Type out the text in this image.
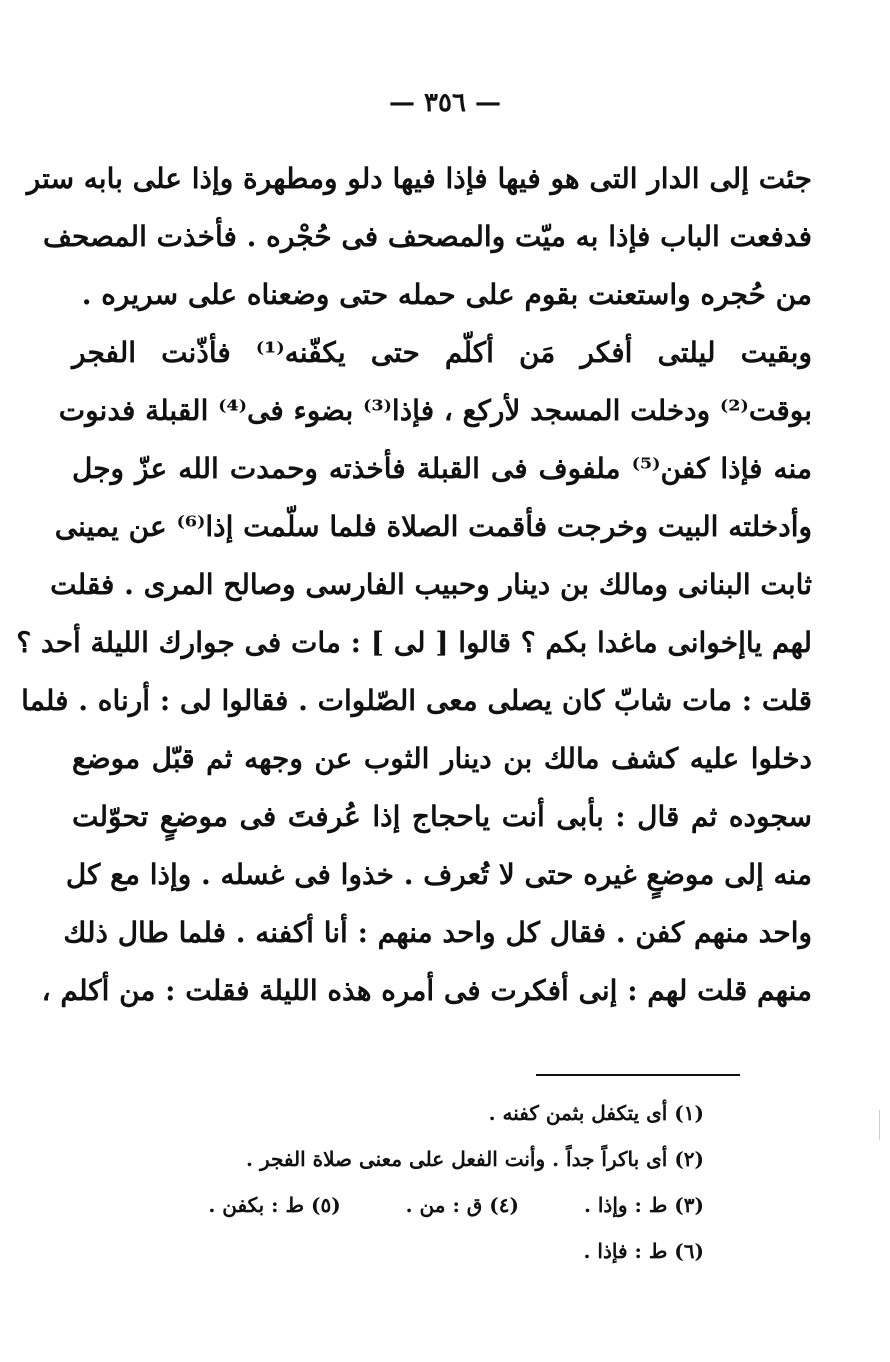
— ٣٥٦ —
جئت إلى الدار التى هو فيها فإذا فيها دلو ومطهرة وإذا على بابه ستر
فدفعت الباب فإذا به ميّت والمصحف فى حُجْره . فأخذت المصحف
من حُجره واستعنت بقوم على حمله حتى وضعناه على سريره .
وبقيت ليلتى أفكر مَن أكلّم حتى يكفّنه⁽¹⁾ فأذّنت الفجر
بوقت⁽²⁾ ودخلت المسجد لأركع ، فإذا⁽³⁾ بضوء فى⁽⁴⁾ القبلة فدنوت
منه فإذا كفن⁽⁵⁾ ملفوف فى القبلة فأخذته وحمدت الله عزّ وجل
وأدخلته البيت وخرجت فأقمت الصلاة فلما سلّمت إذا⁽⁶⁾ عن يمينى
ثابت البنانى ومالك بن دينار وحبيب الفارسى وصالح المرى . فقلت
لهم ياإخوانى ماغدا بكم ؟ قالوا [ لى ] : مات فى جوارك الليلة أحد ؟
قلت : مات شابّ كان يصلى معى الصّلوات . فقالوا لى : أرناه . فلما
دخلوا عليه كشف مالك بن دينار الثوب عن وجهه ثم قبّل موضع
سجوده ثم قال : بأبى أنت ياحجاج إذا عُرفتَ فى موضعٍ تحوّلت
منه إلى موضعٍ غيره حتى لا تُعرف . خذوا فى غسله . وإذا مع كل
واحد منهم كفن . فقال كل واحد منهم : أنا أكفنه . فلما طال ذلك
منهم قلت لهم : إنى أفكرت فى أمره هذه الليلة فقلت : من أكلم ،
(١) أى يتكفل بثمن كفنه .
(٢) أى باكراً جداً . وأنت الفعل على معنى صلاة الفجر .
(٣) ط : وإذا . (٤) ق : من . (٥) ط : بكفن .
(٦) ط : فإذا .
